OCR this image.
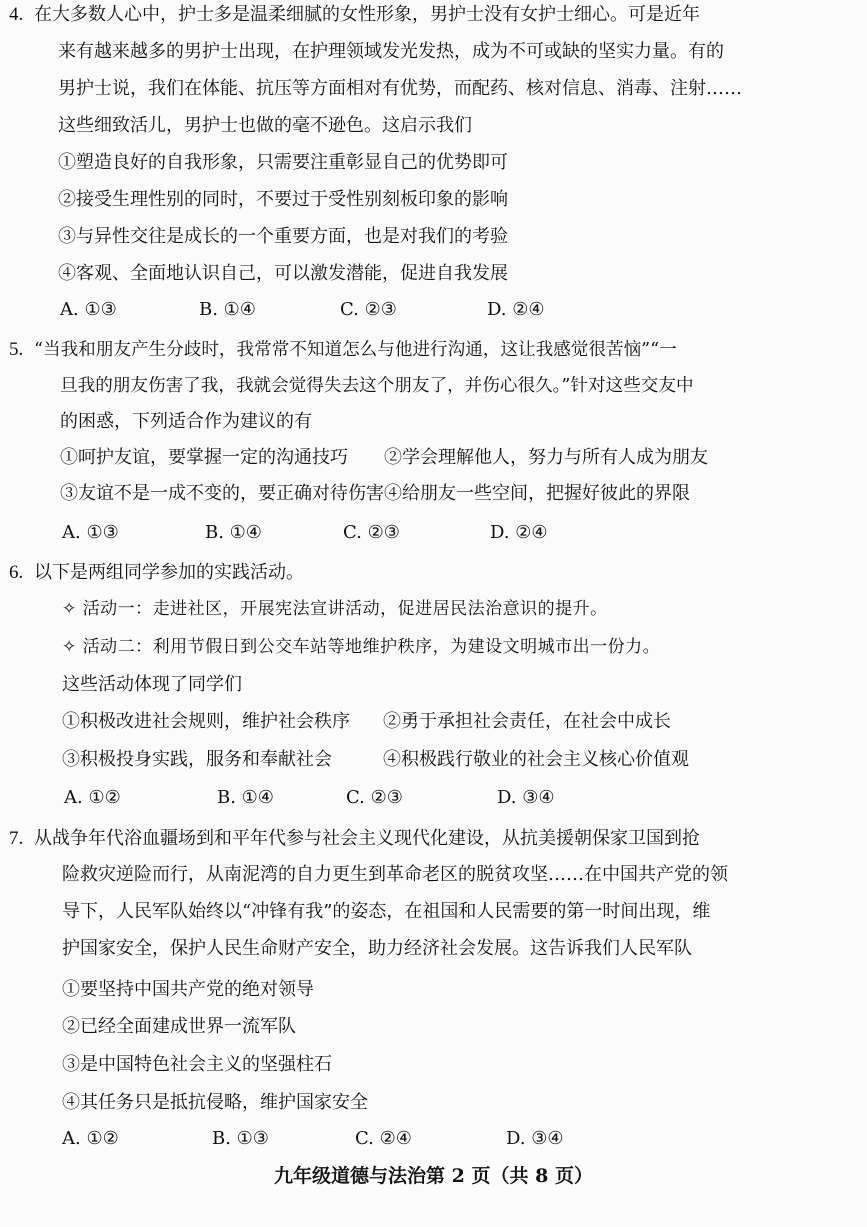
4. 在大多数人心中，护士多是温柔细腻的女性形象，男护士没有女护士细心。可是近年
来有越来越多的男护士出现，在护理领域发光发热，成为不可或缺的坚实力量。有的
男护士说，我们在体能、抗压等方面相对有优势，而配药、核对信息、消毒、注射……
这些细致活儿，男护士也做的毫不逊色。这启示我们
①塑造良好的自我形象，只需要注重彰显自己的优势即可
②接受生理性别的同时，不要过于受性别刻板印象的影响
③与异性交往是成长的一个重要方面，也是对我们的考验
④客观、全面地认识自己，可以激发潜能，促进自我发展
A. ①③	B. ①④	C. ②③	D. ②④
5. “当我和朋友产生分歧时，我常常不知道怎么与他进行沟通，这让我感觉很苦恼”“一
旦我的朋友伤害了我，我就会觉得失去这个朋友了，并伤心很久。”针对这些交友中
的困惑，下列适合作为建议的有
①呵护友谊，要掌握一定的沟通技巧 ②学会理解他人，努力与所有人成为朋友
③友谊不是一成不变的，要正确对待伤害 ④给朋友一些空间，把握好彼此的界限
A. ①③	B. ①④	C. ②③	D. ②④
6. 以下是两组同学参加的实践活动。
✧ 活动一：走进社区，开展宪法宣讲活动，促进居民法治意识的提升。
✧ 活动二：利用节假日到公交车站等地维护秩序，为建设文明城市出一份力。
这些活动体现了同学们
①积极改进社会规则，维护社会秩序 ②勇于承担社会责任，在社会中成长
③积极投身实践，服务和奉献社会	④积极践行敬业的社会主义核心价值观
A. ①②	B. ①④	C. ②③	D. ③④
7. 从战争年代浴血疆场到和平年代参与社会主义现代化建设，从抗美援朝保家卫国到抢
险救灾逆险而行，从南泥湾的自力更生到革命老区的脱贫攻坚……在中国共产党的领
导下，人民军队始终以“冲锋有我”的姿态，在祖国和人民需要的第一时间出现，维
护国家安全，保护人民生命财产安全，助力经济社会发展。这告诉我们人民军队
①要坚持中国共产党的绝对领导
②已经全面建成世界一流军队
③是中国特色社会主义的坚强柱石
④其任务只是抵抗侵略，维护国家安全
A. ①②	B. ①③	C. ②④	D. ③④
九年级道德与法治第 2 页（共 8 页）
